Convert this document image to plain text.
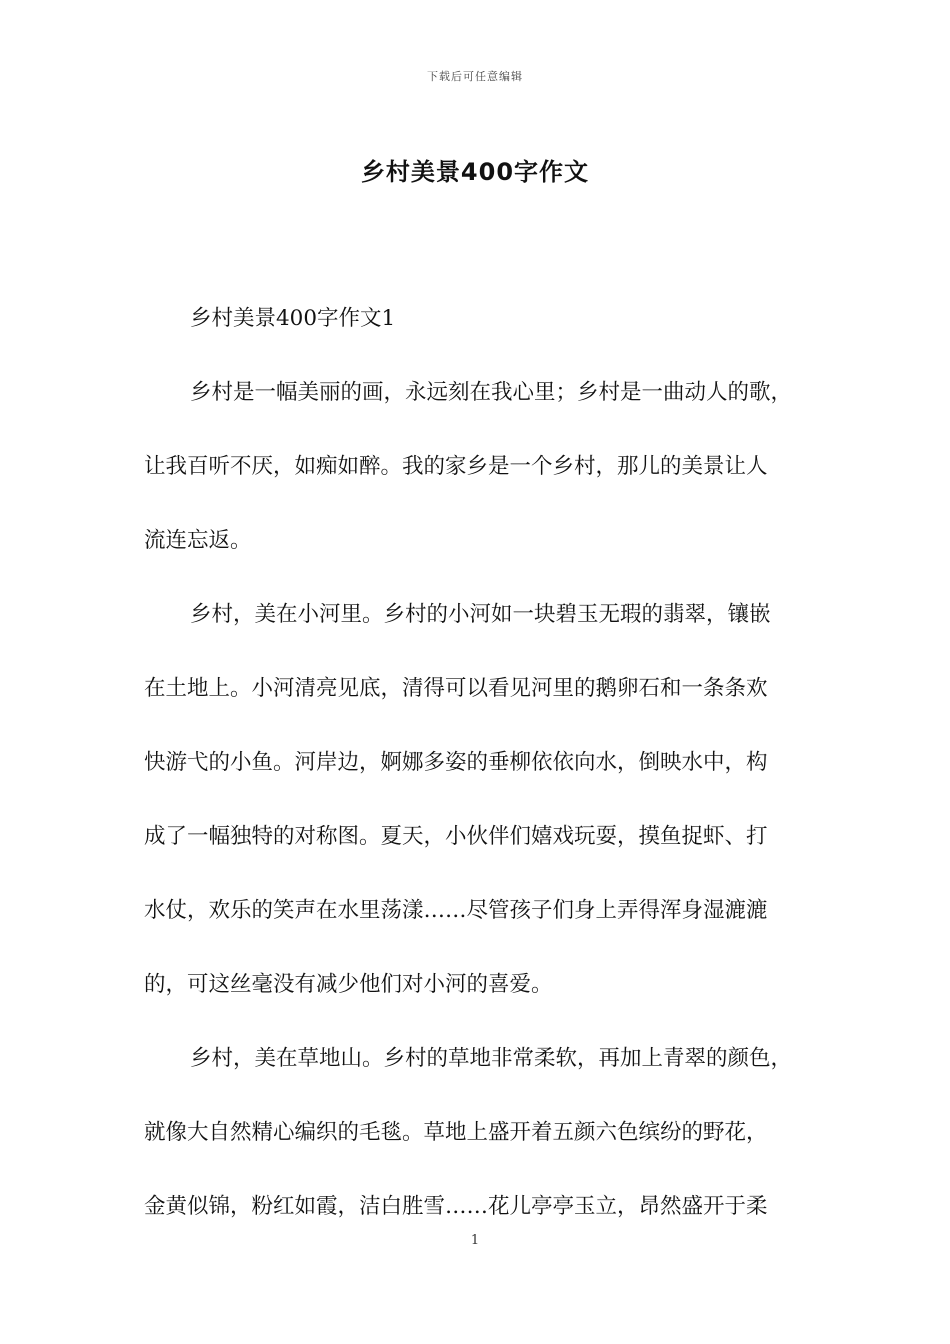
下载后可任意编辑
乡村美景400字作文
乡村美景400字作文1
乡村是一幅美丽的画，永远刻在我心里；乡村是一曲动人的歌，
让我百听不厌，如痴如醉。我的家乡是一个乡村，那儿的美景让人
流连忘返。
乡村，美在小河里。乡村的小河如一块碧玉无瑕的翡翠，镶嵌
在土地上。小河清亮见底，清得可以看见河里的鹅卵石和一条条欢
快游弋的小鱼。河岸边，婀娜多姿的垂柳依依向水，倒映水中，构
成了一幅独特的对称图。夏天，小伙伴们嬉戏玩耍，摸鱼捉虾、打
水仗，欢乐的笑声在水里荡漾……尽管孩子们身上弄得浑身湿漉漉
的，可这丝毫没有减少他们对小河的喜爱。
乡村，美在草地山。乡村的草地非常柔软，再加上青翠的颜色，
就像大自然精心编织的毛毯。草地上盛开着五颜六色缤纷的野花，
金黄似锦，粉红如霞，洁白胜雪……花儿亭亭玉立，昂然盛开于柔
1
